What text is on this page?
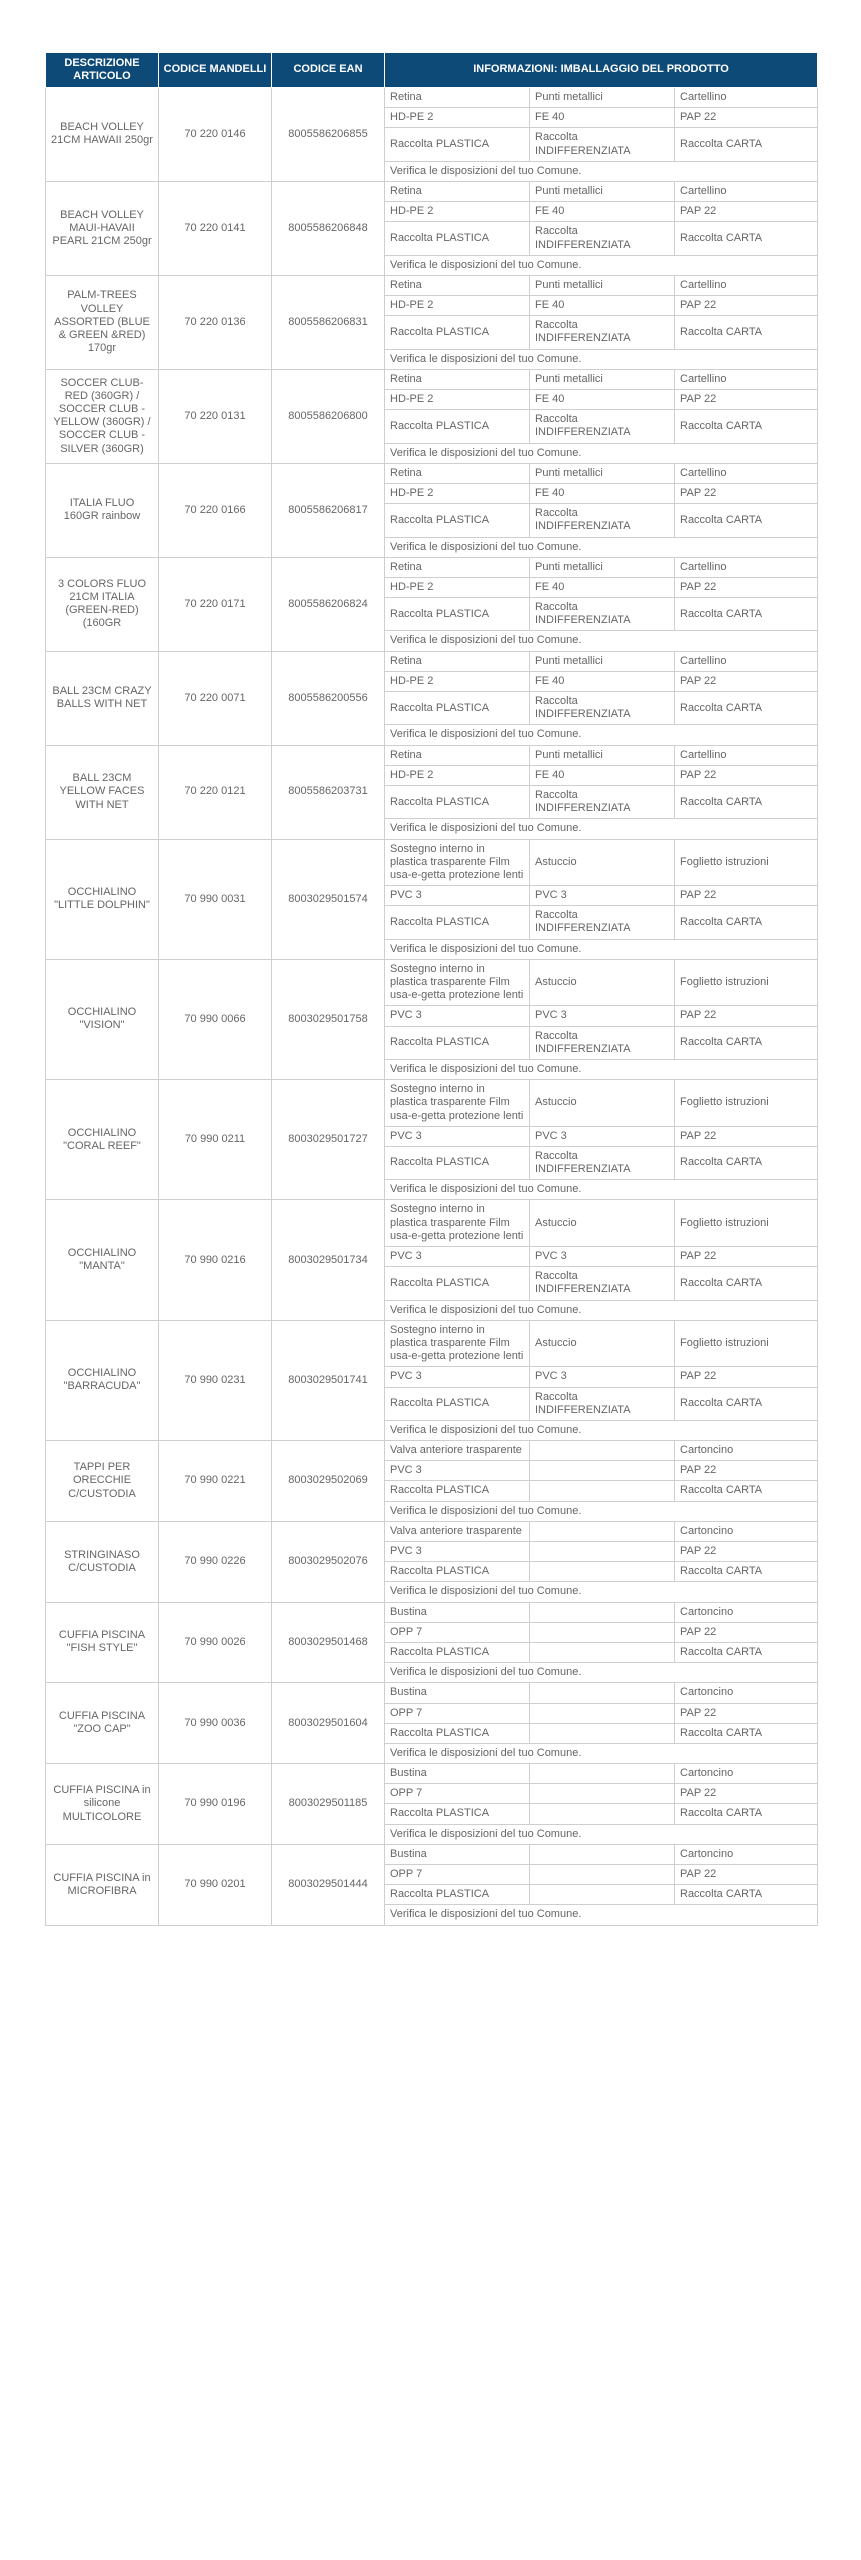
DESCRIZIONE ARTICOLO	CODICE MANDELLI	CODICE EAN	INFORMAZIONI: IMBALLAGGIO DEL PRODOTTO		
BEACH VOLLEY 21CM HAWAII 250gr	70 220 0146	8005586206855	Retina	Punti metallici	Cartellino
			HD-PE 2	FE 40	PAP 22
			Raccolta PLASTICA	Raccolta INDIFFERENZIATA	Raccolta CARTA
			Verifica le disposizioni del tuo Comune.		
BEACH VOLLEY MAUI-HAVAII PEARL 21CM 250gr	70 220 0141	8005586206848	Retina	Punti metallici	Cartellino
			HD-PE 2	FE 40	PAP 22
			Raccolta PLASTICA	Raccolta INDIFFERENZIATA	Raccolta CARTA
			Verifica le disposizioni del tuo Comune.		
PALM-TREES VOLLEY ASSORTED (BLUE & GREEN &RED) 170gr	70 220 0136	8005586206831	Retina	Punti metallici	Cartellino
			HD-PE 2	FE 40	PAP 22
			Raccolta PLASTICA	Raccolta INDIFFERENZIATA	Raccolta CARTA
			Verifica le disposizioni del tuo Comune.		
SOCCER CLUB-RED (360GR) / SOCCER CLUB -YELLOW (360GR) / SOCCER CLUB -SILVER (360GR)	70 220 0131	8005586206800	Retina	Punti metallici	Cartellino
			HD-PE 2	FE 40	PAP 22
			Raccolta PLASTICA	Raccolta INDIFFERENZIATA	Raccolta CARTA
			Verifica le disposizioni del tuo Comune.		
ITALIA FLUO 160GR rainbow	70 220 0166	8005586206817	Retina	Punti metallici	Cartellino
			HD-PE 2	FE 40	PAP 22
			Raccolta PLASTICA	Raccolta INDIFFERENZIATA	Raccolta CARTA
			Verifica le disposizioni del tuo Comune.		
3 COLORS FLUO 21CM ITALIA (GREEN-RED) (160GR	70 220 0171	8005586206824	Retina	Punti metallici	Cartellino
			HD-PE 2	FE 40	PAP 22
			Raccolta PLASTICA	Raccolta INDIFFERENZIATA	Raccolta CARTA
			Verifica le disposizioni del tuo Comune.		
BALL 23CM CRAZY BALLS WITH NET	70 220 0071	8005586200556	Retina	Punti metallici	Cartellino
			HD-PE 2	FE 40	PAP 22
			Raccolta PLASTICA	Raccolta INDIFFERENZIATA	Raccolta CARTA
			Verifica le disposizioni del tuo Comune.		
BALL 23CM YELLOW FACES WITH NET	70 220 0121	8005586203731	Retina	Punti metallici	Cartellino
			HD-PE 2	FE 40	PAP 22
			Raccolta PLASTICA	Raccolta INDIFFERENZIATA	Raccolta CARTA
			Verifica le disposizioni del tuo Comune.		
OCCHIALINO "LITTLE DOLPHIN"	70 990 0031	8003029501574	Sostegno interno in plastica trasparente Film usa-e-getta protezione lenti	Astuccio	Foglietto istruzioni
			PVC 3	PVC 3	PAP 22
			Raccolta PLASTICA	Raccolta INDIFFERENZIATA	Raccolta CARTA
			Verifica le disposizioni del tuo Comune.		
OCCHIALINO "VISION"	70 990 0066	8003029501758	Sostegno interno in plastica trasparente Film usa-e-getta protezione lenti	Astuccio	Foglietto istruzioni
			PVC 3	PVC 3	PAP 22
			Raccolta PLASTICA	Raccolta INDIFFERENZIATA	Raccolta CARTA
			Verifica le disposizioni del tuo Comune.		
OCCHIALINO "CORAL REEF"	70 990 0211	8003029501727	Sostegno interno in plastica trasparente Film usa-e-getta protezione lenti	Astuccio	Foglietto istruzioni
			PVC 3	PVC 3	PAP 22
			Raccolta PLASTICA	Raccolta INDIFFERENZIATA	Raccolta CARTA
			Verifica le disposizioni del tuo Comune.		
OCCHIALINO "MANTA"	70 990 0216	8003029501734	Sostegno interno in plastica trasparente Film usa-e-getta protezione lenti	Astuccio	Foglietto istruzioni
			PVC 3	PVC 3	PAP 22
			Raccolta PLASTICA	Raccolta INDIFFERENZIATA	Raccolta CARTA
			Verifica le disposizioni del tuo Comune.		
OCCHIALINO "BARRACUDA"	70 990 0231	8003029501741	Sostegno interno in plastica trasparente Film usa-e-getta protezione lenti	Astuccio	Foglietto istruzioni
			PVC 3	PVC 3	PAP 22
			Raccolta PLASTICA	Raccolta INDIFFERENZIATA	Raccolta CARTA
			Verifica le disposizioni del tuo Comune.		
TAPPI PER ORECCHIE C/CUSTODIA	70 990 0221	8003029502069	Valva anteriore trasparente		Cartoncino
			PVC 3		PAP 22
			Raccolta PLASTICA		Raccolta CARTA
			Verifica le disposizioni del tuo Comune.		
STRINGINASO C/CUSTODIA	70 990 0226	8003029502076	Valva anteriore trasparente		Cartoncino
			PVC 3		PAP 22
			Raccolta PLASTICA		Raccolta CARTA
			Verifica le disposizioni del tuo Comune.		
CUFFIA PISCINA "FISH STYLE"	70 990 0026	8003029501468	Bustina		Cartoncino
			OPP 7		PAP 22
			Raccolta PLASTICA		Raccolta CARTA
			Verifica le disposizioni del tuo Comune.		
CUFFIA PISCINA "ZOO CAP"	70 990 0036	8003029501604	Bustina		Cartoncino
			OPP 7		PAP 22
			Raccolta PLASTICA		Raccolta CARTA
			Verifica le disposizioni del tuo Comune.		
CUFFIA PISCINA in silicone MULTICOLORE	70 990 0196	8003029501185	Bustina		Cartoncino
			OPP 7		PAP 22
			Raccolta PLASTICA		Raccolta CARTA
			Verifica le disposizioni del tuo Comune.		
CUFFIA PISCINA in MICROFIBRA	70 990 0201	8003029501444	Bustina		Cartoncino
			OPP 7		PAP 22
			Raccolta PLASTICA		Raccolta CARTA
			Verifica le disposizioni del tuo Comune.		
